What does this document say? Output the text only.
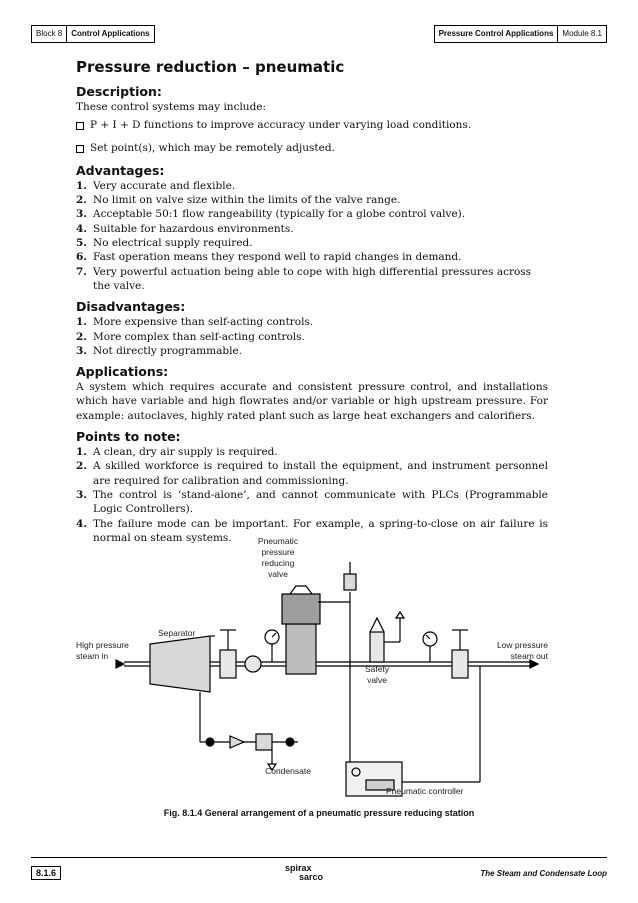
Block 8	Control Applications	Pressure Control Applications	Module 8.1
Pressure reduction – pneumatic
Description:

These control systems may include:

P + I + D functions to improve accuracy under varying load conditions.
Set point(s), which may be remotely adjusted.
Advantages:
1. Very accurate and flexible.
2. No limit on valve size within the limits of the valve range.
3. Acceptable 50:1 flow rangeability (typically for a globe control valve).
4. Suitable for hazardous environments.
5. No electrical supply required.
6. Fast operation means they respond well to rapid changes in demand.
7. Very powerful actuation being able to cope with high differential pressures across the valve.
Disadvantages:
1. More expensive than self-acting controls.
2. More complex than self-acting controls.
3. Not directly programmable.
Applications:

A system which requires accurate and consistent pressure control, and installations which have variable and high flowrates and/or variable or high upstream pressure. For example: autoclaves, highly rated plant such as large heat exchangers and calorifiers.

Points to note:
1. A clean, dry air supply is required.
2. A skilled workforce is required to install the equipment, and instrument personnel are required for calibration and commissioning.
3. The control is ‘stand-alone’, and cannot communicate with PLCs (Programmable Logic Controllers).
4. The failure mode can be important. For example, a spring-to-close on air failure is normal on steam systems.	Pneumatic
pressure
reducing
valve
Separator
High pressure
steam in
Low pressure
steam out
Safety
valve
Condensate
Pneumatic controller
Fig. 8.1.4 General arrangement of a pneumatic pressure reducing station
8.1.6	spirax
sarco	The Steam and Condensate Loop
